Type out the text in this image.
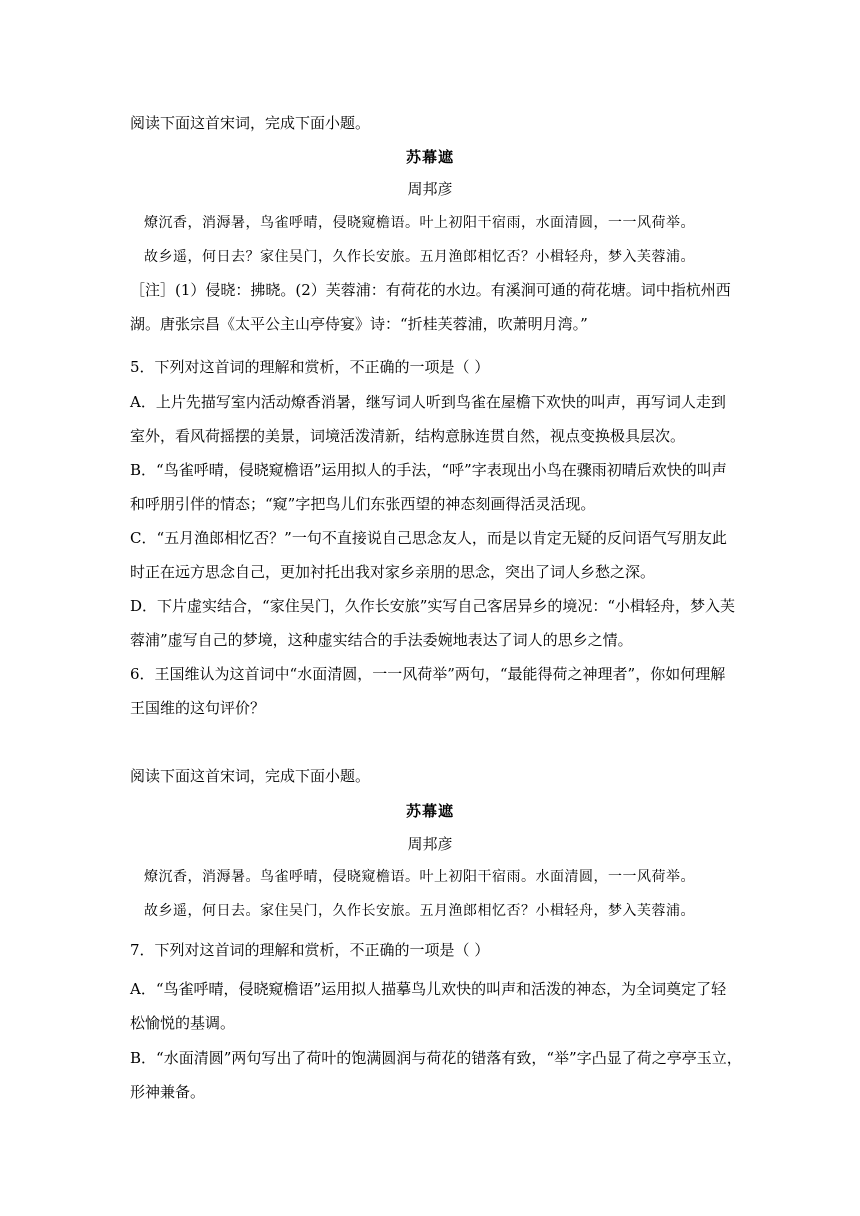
阅读下面这首宋词，完成下面小题。
苏幕遮
周邦彦
燎沉香，消溽暑，鸟雀呼晴，侵晓窥檐语。叶上初阳干宿雨，水面清圆，一一风荷举。
故乡遥，何日去？家住吴门，久作长安旅。五月渔郎相忆否？小楫轻舟，梦入芙蓉浦。
［注］(1）侵晓：拂晓。(2）芙蓉浦：有荷花的水边。有溪涧可通的荷花塘。词中指杭州西
湖。唐张宗昌《太平公主山亭侍宴》诗：“折桂芙蓉浦，吹萧明月湾。”
5．下列对这首词的理解和赏析，不正确的一项是（ ）
A．上片先描写室内活动燎香消暑，继写词人听到鸟雀在屋檐下欢快的叫声，再写词人走到
室外，看风荷摇摆的美景，词境活泼清新，结构意脉连贯自然，视点变换极具层次。
B．“鸟雀呼晴，侵晓窥檐语”运用拟人的手法，“呼”字表现出小鸟在骤雨初晴后欢快的叫声
和呼朋引伴的情态；“窥”字把鸟儿们东张西望的神态刻画得活灵活现。
C．“五月渔郎相忆否？”一句不直接说自己思念友人，而是以肯定无疑的反问语气写朋友此
时正在远方思念自己，更加衬托出我对家乡亲朋的思念，突出了词人乡愁之深。
D．下片虚实结合，“家住吴门，久作长安旅”实写自己客居异乡的境况：“小楫轻舟，梦入芙
蓉浦”虚写自己的梦境，这种虚实结合的手法委婉地表达了词人的思乡之情。
6．王国维认为这首词中“水面清圆，一一风荷举”两句，“最能得荷之神理者”，你如何理解
王国维的这句评价？
阅读下面这首宋词，完成下面小题。
苏幕遮
周邦彦
燎沉香，消溽暑。鸟雀呼晴，侵晓窥檐语。叶上初阳干宿雨。水面清圆，一一风荷举。
故乡遥，何日去。家住吴门，久作长安旅。五月渔郎相忆否？小楫轻舟，梦入芙蓉浦。
7．下列对这首词的理解和赏析，不正确的一项是（ ）
A．“鸟雀呼晴，侵晓窥檐语”运用拟人描摹鸟儿欢快的叫声和活泼的神态，为全词奠定了轻
松愉悦的基调。
B．“水面清圆”两句写出了荷叶的饱满圆润与荷花的错落有致，“举”字凸显了荷之亭亭玉立，
形神兼备。
